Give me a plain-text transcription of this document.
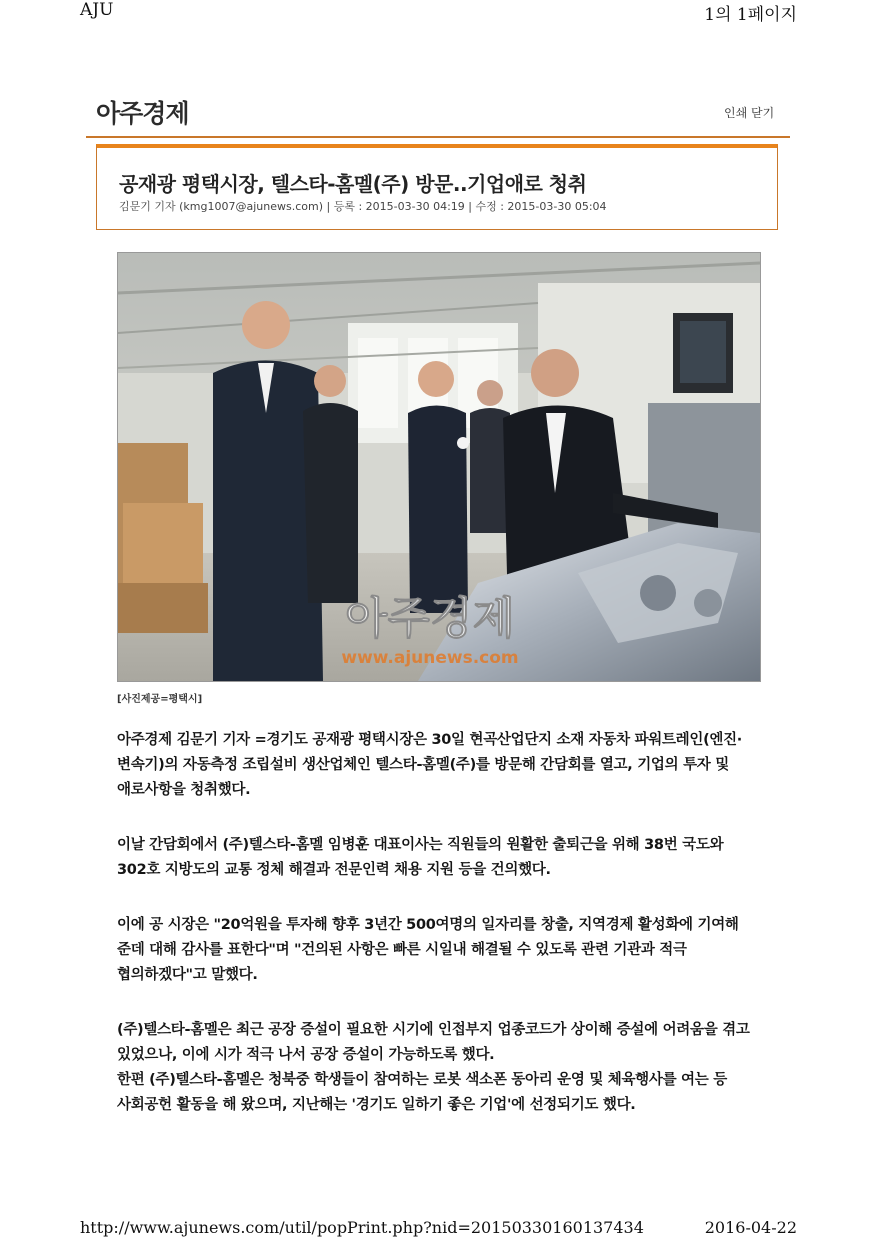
AJU	1의 1페이지
아주경제	인쇄 닫기
공재광 평택시장, 텔스타-홈멜(주) 방문..기업애로 청취
김문기 기자 (kmg1007@ajunews.com) | 등록 : 2015-03-30 04:19 | 수정 : 2015-03-30 05:04
아주경제
www.ajunews.com
[사진제공=평택시]

아주경제 김문기 기자 =경기도 공재광 평택시장은 30일 현곡산업단지 소재 자동차 파워트레인(엔진·변속기)의 자동측정 조립설비 생산업체인 텔스타-홈멜(주)를 방문해 간담회를 열고, 기업의 투자 및 애로사항을 청취했다.

이날 간담회에서 (주)텔스타-홈멜 임병훈 대표이사는 직원들의 원활한 출퇴근을 위해 38번 국도와 302호 지방도의 교통 정체 해결과 전문인력 채용 지원 등을 건의했다.

이에 공 시장은 "20억원을 투자해 향후 3년간 500여명의 일자리를 창출, 지역경제 활성화에 기여해 준데 대해 감사를 표한다"며 "건의된 사항은 빠른 시일내 해결될 수 있도록 관련 기관과 적극 협의하겠다"고 말했다.

(주)텔스타-홈멜은 최근 공장 증설이 필요한 시기에 인접부지 업종코드가 상이해 증설에 어려움을 겪고 있었으나, 이에 시가 적극 나서 공장 증설이 가능하도록 했다.

한편 (주)텔스타-홈멜은 청북중 학생들이 참여하는 로봇 색소폰 동아리 운영 및 체육행사를 여는 등 사회공헌 활동을 해 왔으며, 지난해는 '경기도 일하기 좋은 기업'에 선정되기도 했다.

http://www.ajunews.com/util/popPrint.php?nid=20150330160137434	2016-04-22
